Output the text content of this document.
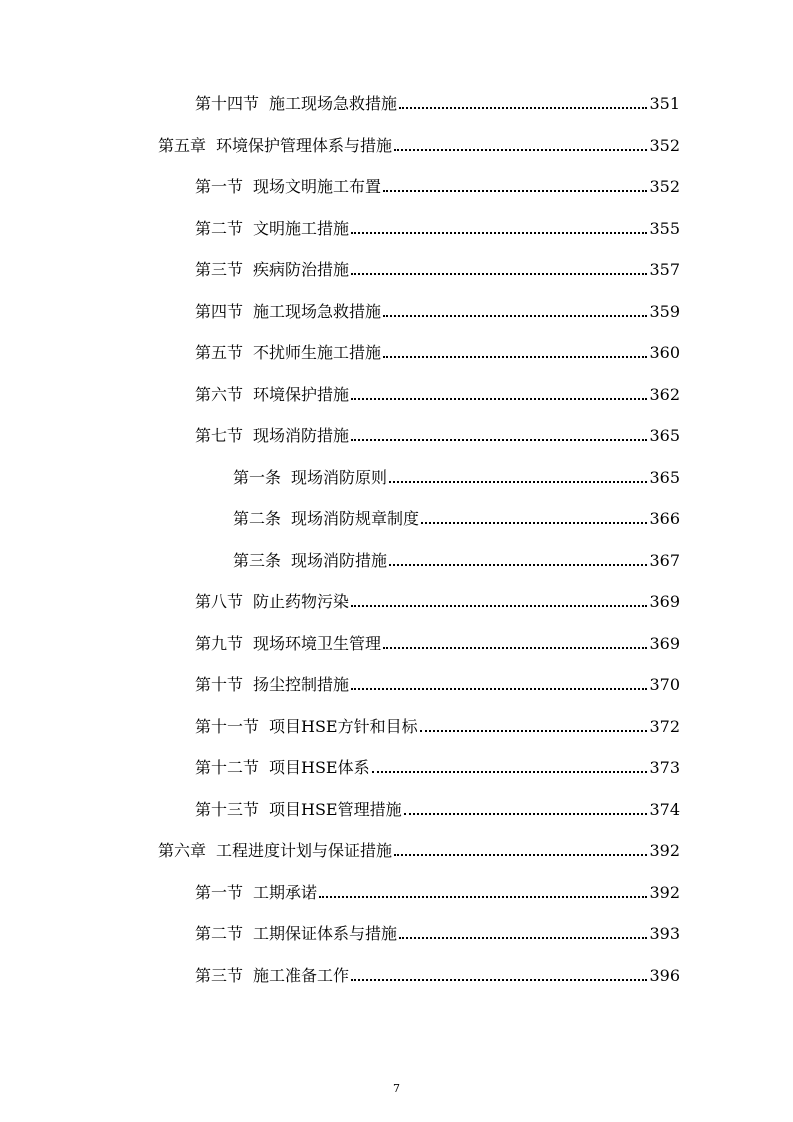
第十四节 施工现场急救措施	351
第五章 环境保护管理体系与措施	352
第一节 现场文明施工布置	352
第二节 文明施工措施	355
第三节 疾病防治措施	357
第四节 施工现场急救措施	359
第五节 不扰师生施工措施	360
第六节 环境保护措施	362
第七节 现场消防措施	365
第一条 现场消防原则	365
第二条 现场消防规章制度	366
第三条 现场消防措施	367
第八节 防止药物污染	369
第九节 现场环境卫生管理	369
第十节 扬尘控制措施	370
第十一节 项目HSE方针和目标	372
第十二节 项目HSE体系	373
第十三节 项目HSE管理措施	374
第六章 工程进度计划与保证措施	392
第一节 工期承诺	392
第二节 工期保证体系与措施	393
第三节 施工准备工作	396
7
